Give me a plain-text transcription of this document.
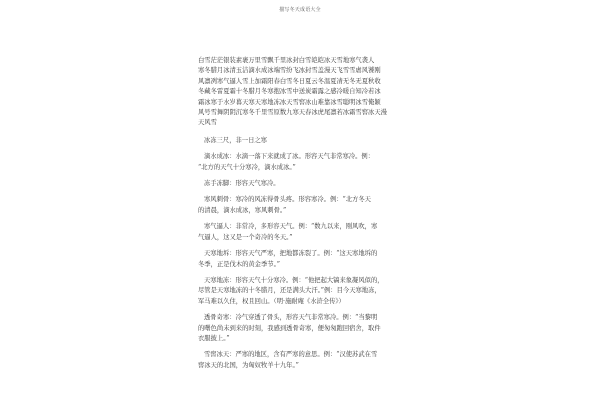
描写冬天成语大全
白雪茫茫银装素裹万里雪飘千里冰封白雪皑皑冰天雪地寒气袭人
寒冬腊月冰清玉洁滴水成冰端雪纷飞冰封雪盖漫天飞雪雪虐风饕刚
风凛冽寒气逼人雪上加霜阳春白雪冬日夏云冬温夏凊无冬无夏秋收
冬藏冬雷夏霜十冬腊月冬寒抱冰雪中送炭霜露之感冷暖自知冷若冰
霜冰寒于水岁暮天寒天寒地冻冰天雪窖冰山难靠冰雪聪明冰雪俺颖
风号雪舞阴阴沉寒冬千里雪原数九寒天春冰虎尾凛若冰霜雪窖冰天漫
天风雪
冰冻三尺，非一日之寒
滴水成冰：水滴一落下来就成了冰。形容天气非常寒冷。例：
“北方的天气十分寒冷，滴水成冰。”
冻手冻脚：形容天气寒冷。
寒风刺骨：寒冷的风冻得骨头疼。形容寒冷。例：“北方冬天
的清晨，滴水成冰，寒风刺骨。”
寒气逼人：非常冷，多形容天气。例：“数九以来，刚风吹，寒
气逼人，这又是一个奇冷的冬天。”
天寒地坼：形容天气严寒，把地都冻裂了。例：“这天寒地坼的
冬季，正是伐木的黄金季节。”
天寒地冻：形容天气十分寒冷。例：“他把起大镐来象凝风似的，
尽管是天寒地冻的十冬腊月，还是满头大汗。”例：目今天寒地冻，
军马难以久住，权且回山。（明·施耐庵《水浒全传》）
透骨奇寒：冷气穿透了骨头，形容天气非常寒冷。例：“当黎明
的曙色尚未到来的时刻，我感到透骨奇寒，便匆匆跑回宿舍，取件
衣服披上。”
雪窖冰天：严寒的地区，含有严寒的意思。例：“汉使苏武在雪
窖冰天的北国，为匈奴牧羊十九年。”
